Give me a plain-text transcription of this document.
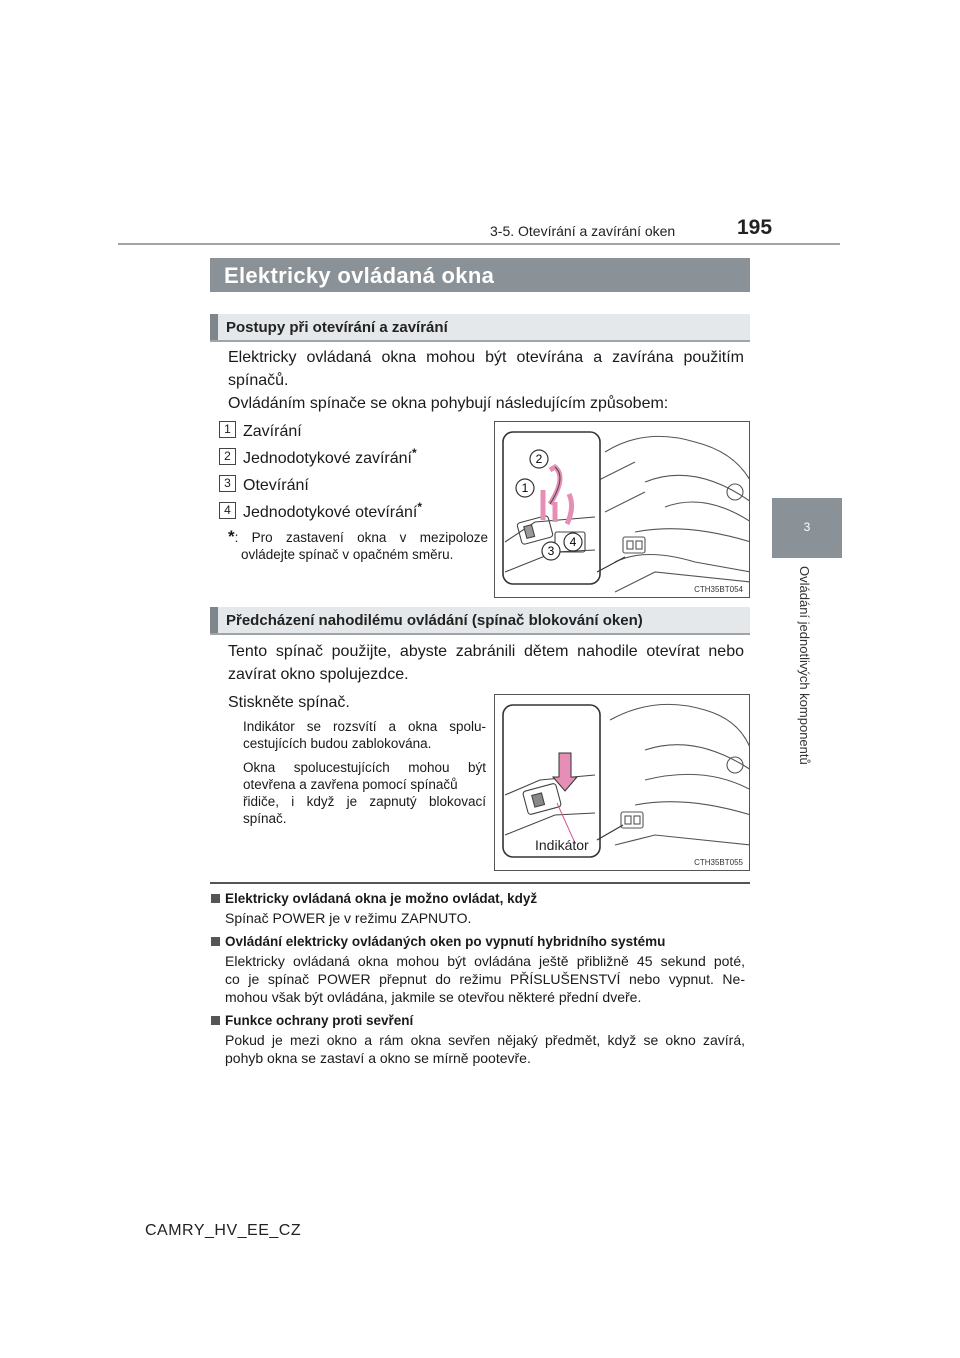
3-5. Otevírání a zavírání oken	195
3
Ovládání jednotlivých komponentů
Elektricky ovládaná okna
Postupy při otevírání a zavírání
Elektricky ovládaná okna mohou být otevírána a zavírána použitím
spínačů.
Ovládáním spínače se okna pohybují následujícím způsobem:
1 Zavírání
2 Jednodotykové zavírání*
3 Otevírání
4 Jednodotykové otevírání*
*: Pro zastavení okna v mezipoloze
ovládejte spínač v opačném směru.
2
1
3
4
CTH35BT054
Předcházení nahodilému ovládání (spínač blokování oken)
Tento spínač použijte, abyste zabránili dětem nahodile otevírat nebo
zavírat okno spolujezdce.
Stiskněte spínač.
Indikátor se rozsvítí a okna spolu-
cestujících budou zablokována.
Okna spolucestujících mohou být
otevřena a zavřena pomocí spínačů
řidiče, i když je zapnutý blokovací
spínač.
Indikátor
CTH35BT055
Elektricky ovládaná okna je možno ovládat, když
Spínač POWER je v režimu ZAPNUTO.
Ovládání elektricky ovládaných oken po vypnutí hybridního systému
Elektricky ovládaná okna mohou být ovládána ještě přibližně 45 sekund poté,
co je spínač POWER přepnut do režimu PŘÍSLUŠENSTVÍ nebo vypnut. Ne-
mohou však být ovládána, jakmile se otevřou některé přední dveře.
Funkce ochrany proti sevření
Pokud je mezi okno a rám okna sevřen nějaký předmět, když se okno zavírá,
pohyb okna se zastaví a okno se mírně pootevře.
CAMRY_HV_EE_CZ
